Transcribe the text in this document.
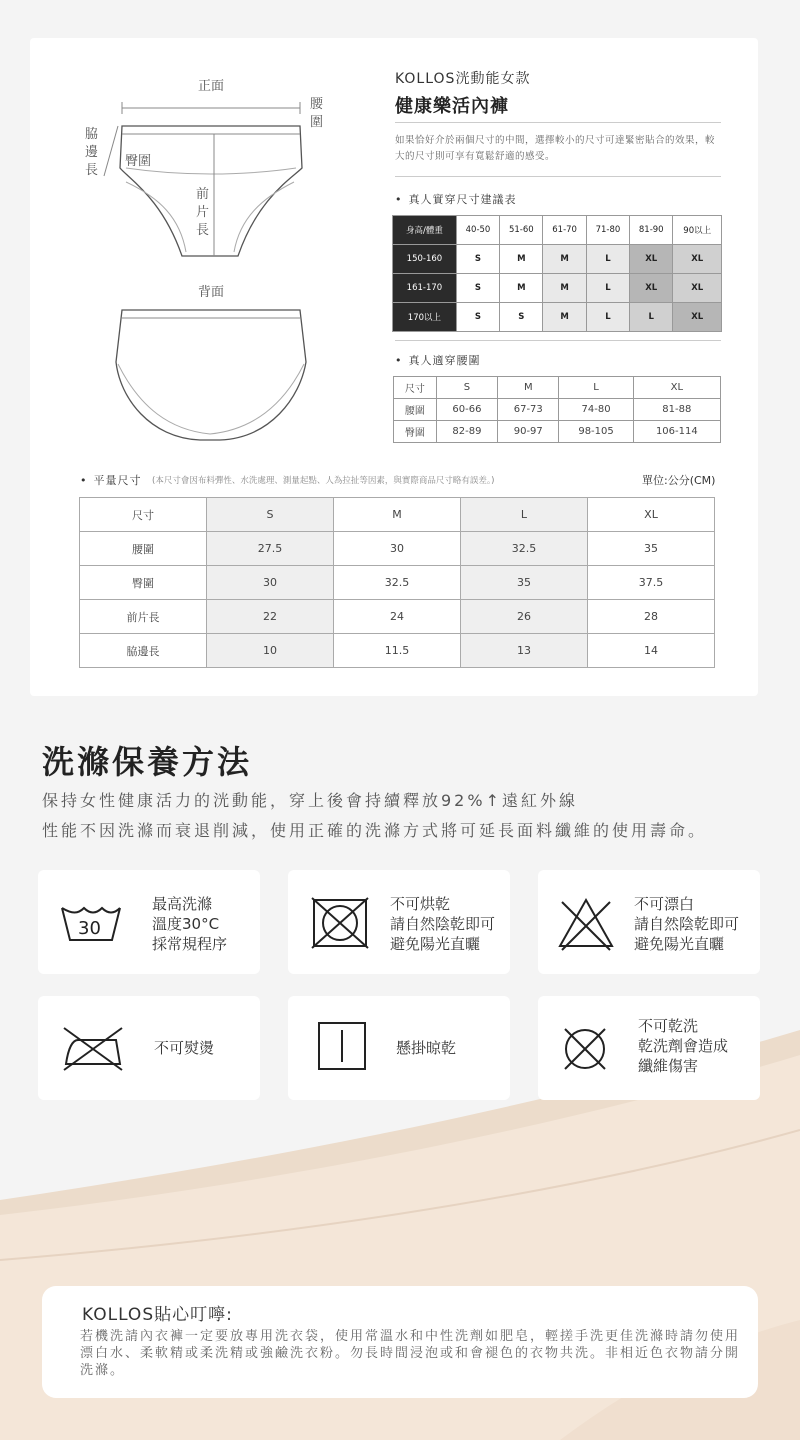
正面
背面
腰
圍
脇
邊
長
臀圍
前
片
長
KOLLOS洸動能女款
健康樂活內褲
如果恰好介於兩個尺寸的中間，選擇較小的尺寸可達緊密貼合的效果，較大的尺寸則可享有寬鬆舒適的感受。
• 真人實穿尺寸建議表
身高/體重	40-50	51-60	61-70	71-80	81-90	90以上
150-160	S	M	M	L	XL	XL
161-170	S	M	M	L	XL	XL
170以上	S	S	M	L	L	XL
• 真人適穿腰圍
尺寸	S	M	L	XL
腰圍	60-66	67-73	74-80	81-88
臀圍	82-89	90-97	98-105	106-114
• 平量尺寸 (本尺寸會因布料彈性、水洗處理、測量起點、人為拉扯等因素，與實際商品尺寸略有誤差。)	單位:公分(CM)
尺寸	S	M	L	XL
腰圍	27.5	30	32.5	35
臀圍	30	32.5	35	37.5
前片長	22	24	26	28
脇邊長	10	11.5	13	14
洗滌保養方法
保持女性健康活力的洸動能，穿上後會持續釋放92%↑遠紅外線
性能不因洗滌而衰退削減，使用正確的洗滌方式將可延長面料纖維的使用壽命。
30
最高洗滌
溫度30°C
採常規程序
不可烘乾
請自然陰乾即可
避免陽光直曬
不可漂白
請自然陰乾即可
避免陽光直曬
不可熨燙	懸掛晾乾
不可乾洗
乾洗劑會造成
纖維傷害
KOLLOS貼心叮嚀:
若機洗請內衣褲一定要放專用洗衣袋，使用常溫水和中性洗劑如肥皂，輕搓手洗更佳洗滌時請勿使用漂白水、柔軟精或柔洗精或強鹼洗衣粉。勿長時間浸泡或和會褪色的衣物共洗。非相近色衣物請分開洗滌。
